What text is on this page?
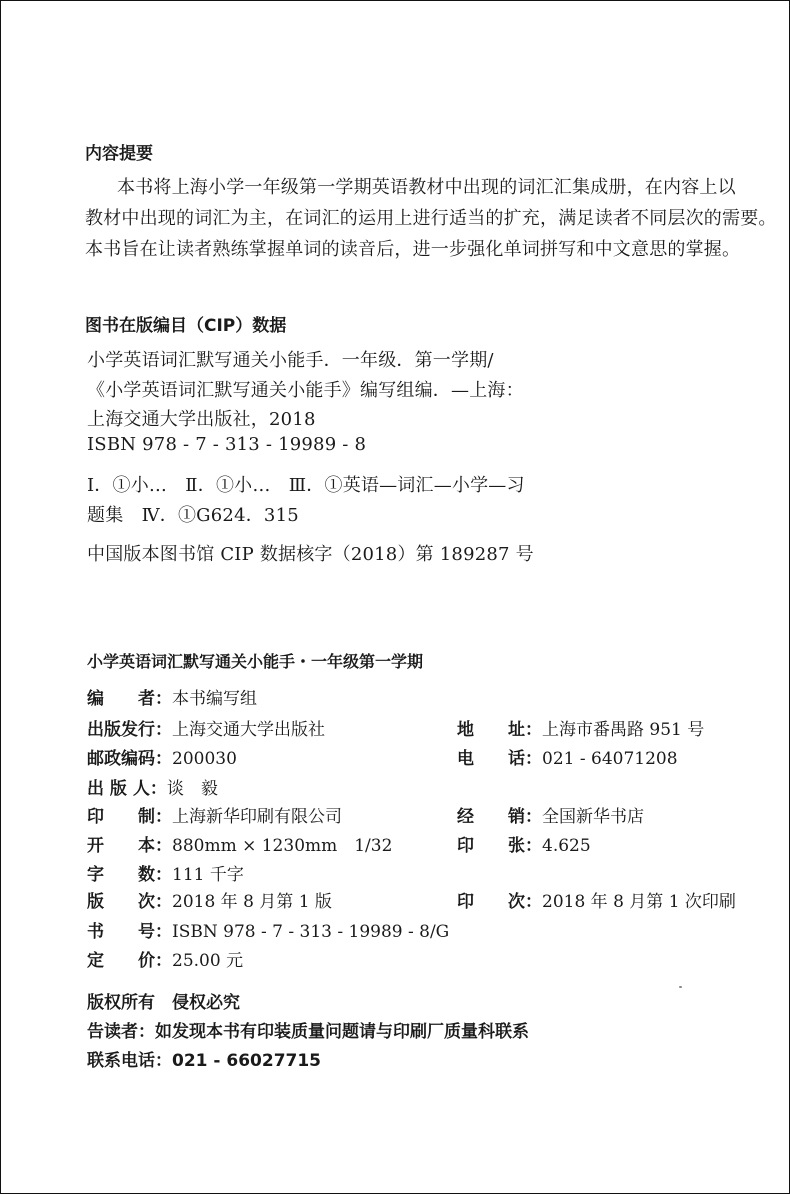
内容提要
本书将上海小学一年级第一学期英语教材中出现的词汇汇集成册，在内容上以
教材中出现的词汇为主，在词汇的运用上进行适当的扩充，满足读者不同层次的需要。
本书旨在让读者熟练掌握单词的读音后，进一步强化单词拼写和中文意思的掌握。
图书在版编目（CIP）数据
小学英语词汇默写通关小能手．一年级．第一学期/
《小学英语词汇默写通关小能手》编写组编．—上海：
上海交通大学出版社，2018
ISBN 978 - 7 - 313 - 19989 - 8
Ⅰ．①小…　Ⅱ．①小…　Ⅲ．①英语—词汇—小学—习
题集　Ⅳ．①G624．315
中国版本图书馆 CIP 数据核字（2018）第 189287 号
小学英语词汇默写通关小能手・一年级第一学期
编　　者：本书编写组
出版发行：上海交通大学出版社
邮政编码：200030
出 版 人：谈　毅
印　　制：上海新华印刷有限公司
开　　本：880mm × 1230mm　1/32
字　　数：111 千字
版　　次：2018 年 8 月第 1 版
书　　号：ISBN 978 - 7 - 313 - 19989 - 8/G
定　　价：25.00 元
地　　址：上海市番禺路 951 号
电　　话：021 - 64071208
经　　销：全国新华书店
印　　张：4.625
印　　次：2018 年 8 月第 1 次印刷
版权所有　侵权必究
告读者：如发现本书有印装质量问题请与印刷厂质量科联系
联系电话：021 - 66027715
